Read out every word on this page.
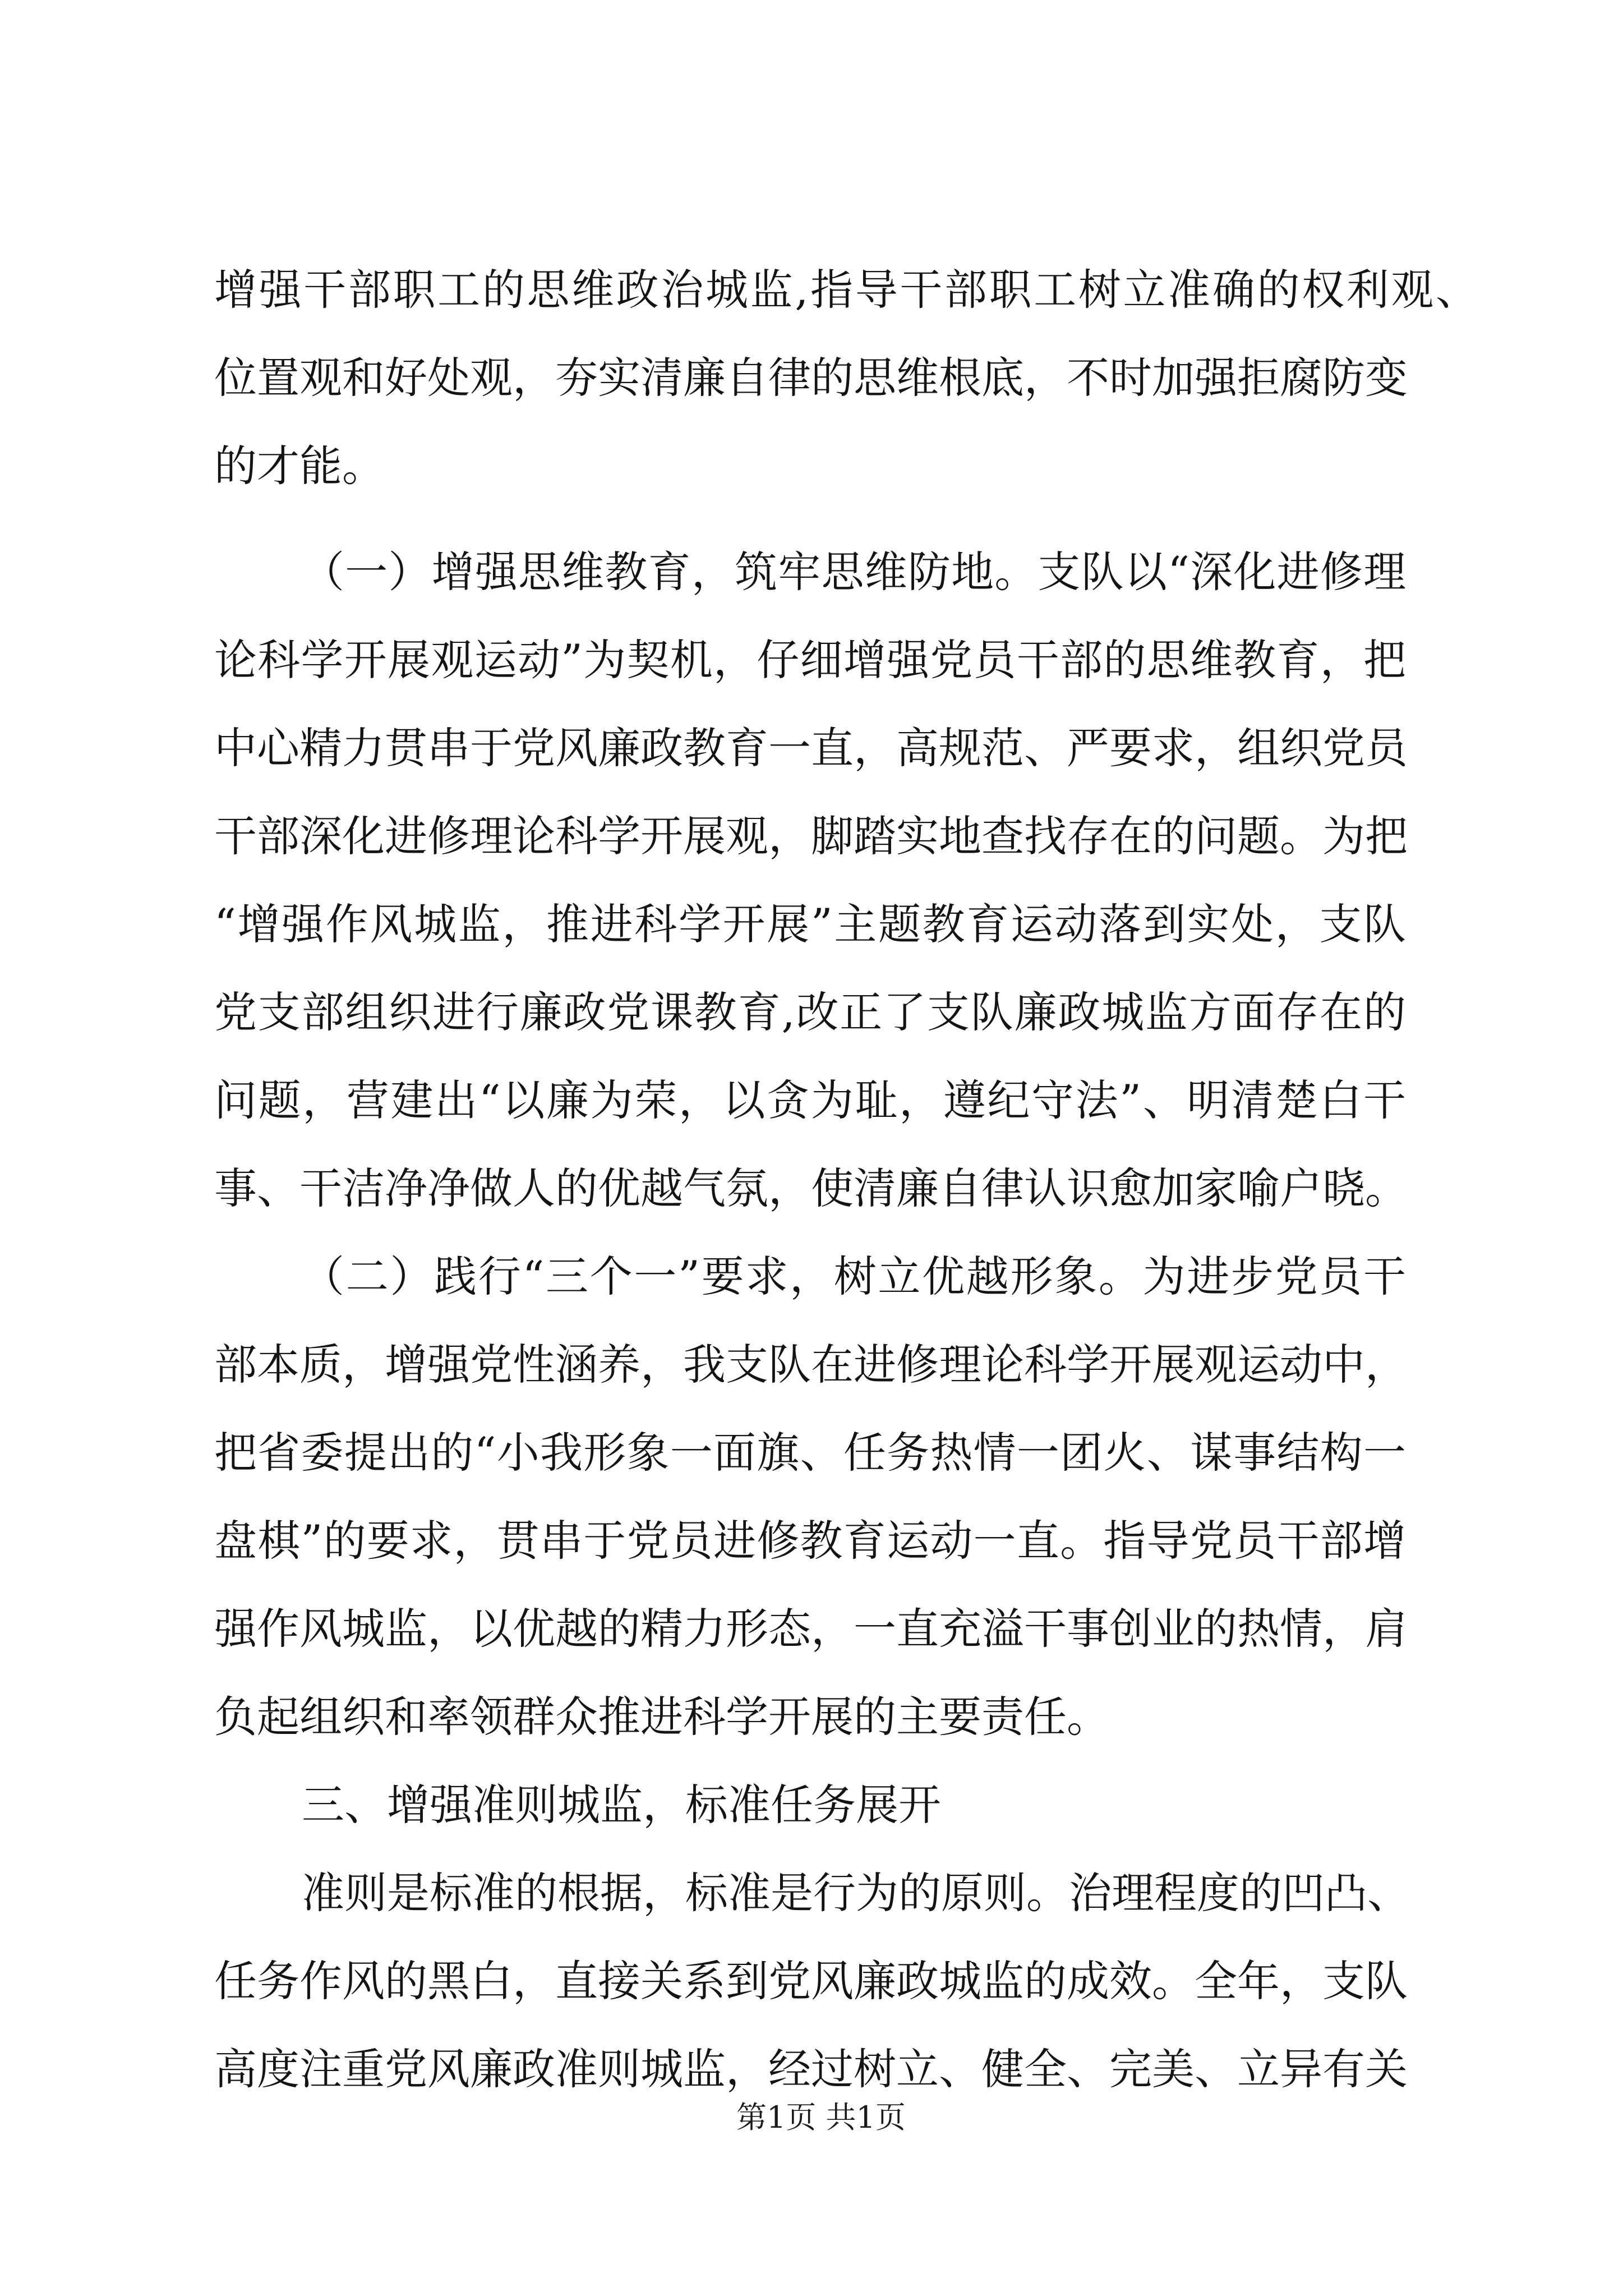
增强干部职工的思维政治城监,指导干部职工树立准确的权利观、
位置观和好处观，夯实清廉自律的思维根底，不时加强拒腐防变
的才能。
（一）增强思维教育，筑牢思维防地。支队以“深化进修理
论科学开展观运动”为契机，仔细增强党员干部的思维教育，把
中心精力贯串于党风廉政教育一直，高规范、严要求，组织党员
干部深化进修理论科学开展观，脚踏实地查找存在的问题。为把
“增强作风城监，推进科学开展”主题教育运动落到实处，支队
党支部组织进行廉政党课教育,改正了支队廉政城监方面存在的
问题，营建出“以廉为荣，以贪为耻，遵纪守法”、明清楚白干
事、干洁净净做人的优越气氛，使清廉自律认识愈加家喻户晓。
（二）践行“三个一”要求，树立优越形象。为进步党员干
部本质，增强党性涵养，我支队在进修理论科学开展观运动中，
把省委提出的“小我形象一面旗、任务热情一团火、谋事结构一
盘棋”的要求，贯串于党员进修教育运动一直。指导党员干部增
强作风城监，以优越的精力形态，一直充溢干事创业的热情，肩
负起组织和率领群众推进科学开展的主要责任。
三、增强准则城监，标准任务展开
准则是标准的根据，标准是行为的原则。治理程度的凹凸、
任务作风的黑白，直接关系到党风廉政城监的成效。全年，支队
高度注重党风廉政准则城监，经过树立、健全、完美、立异有关
第1页 共1页
